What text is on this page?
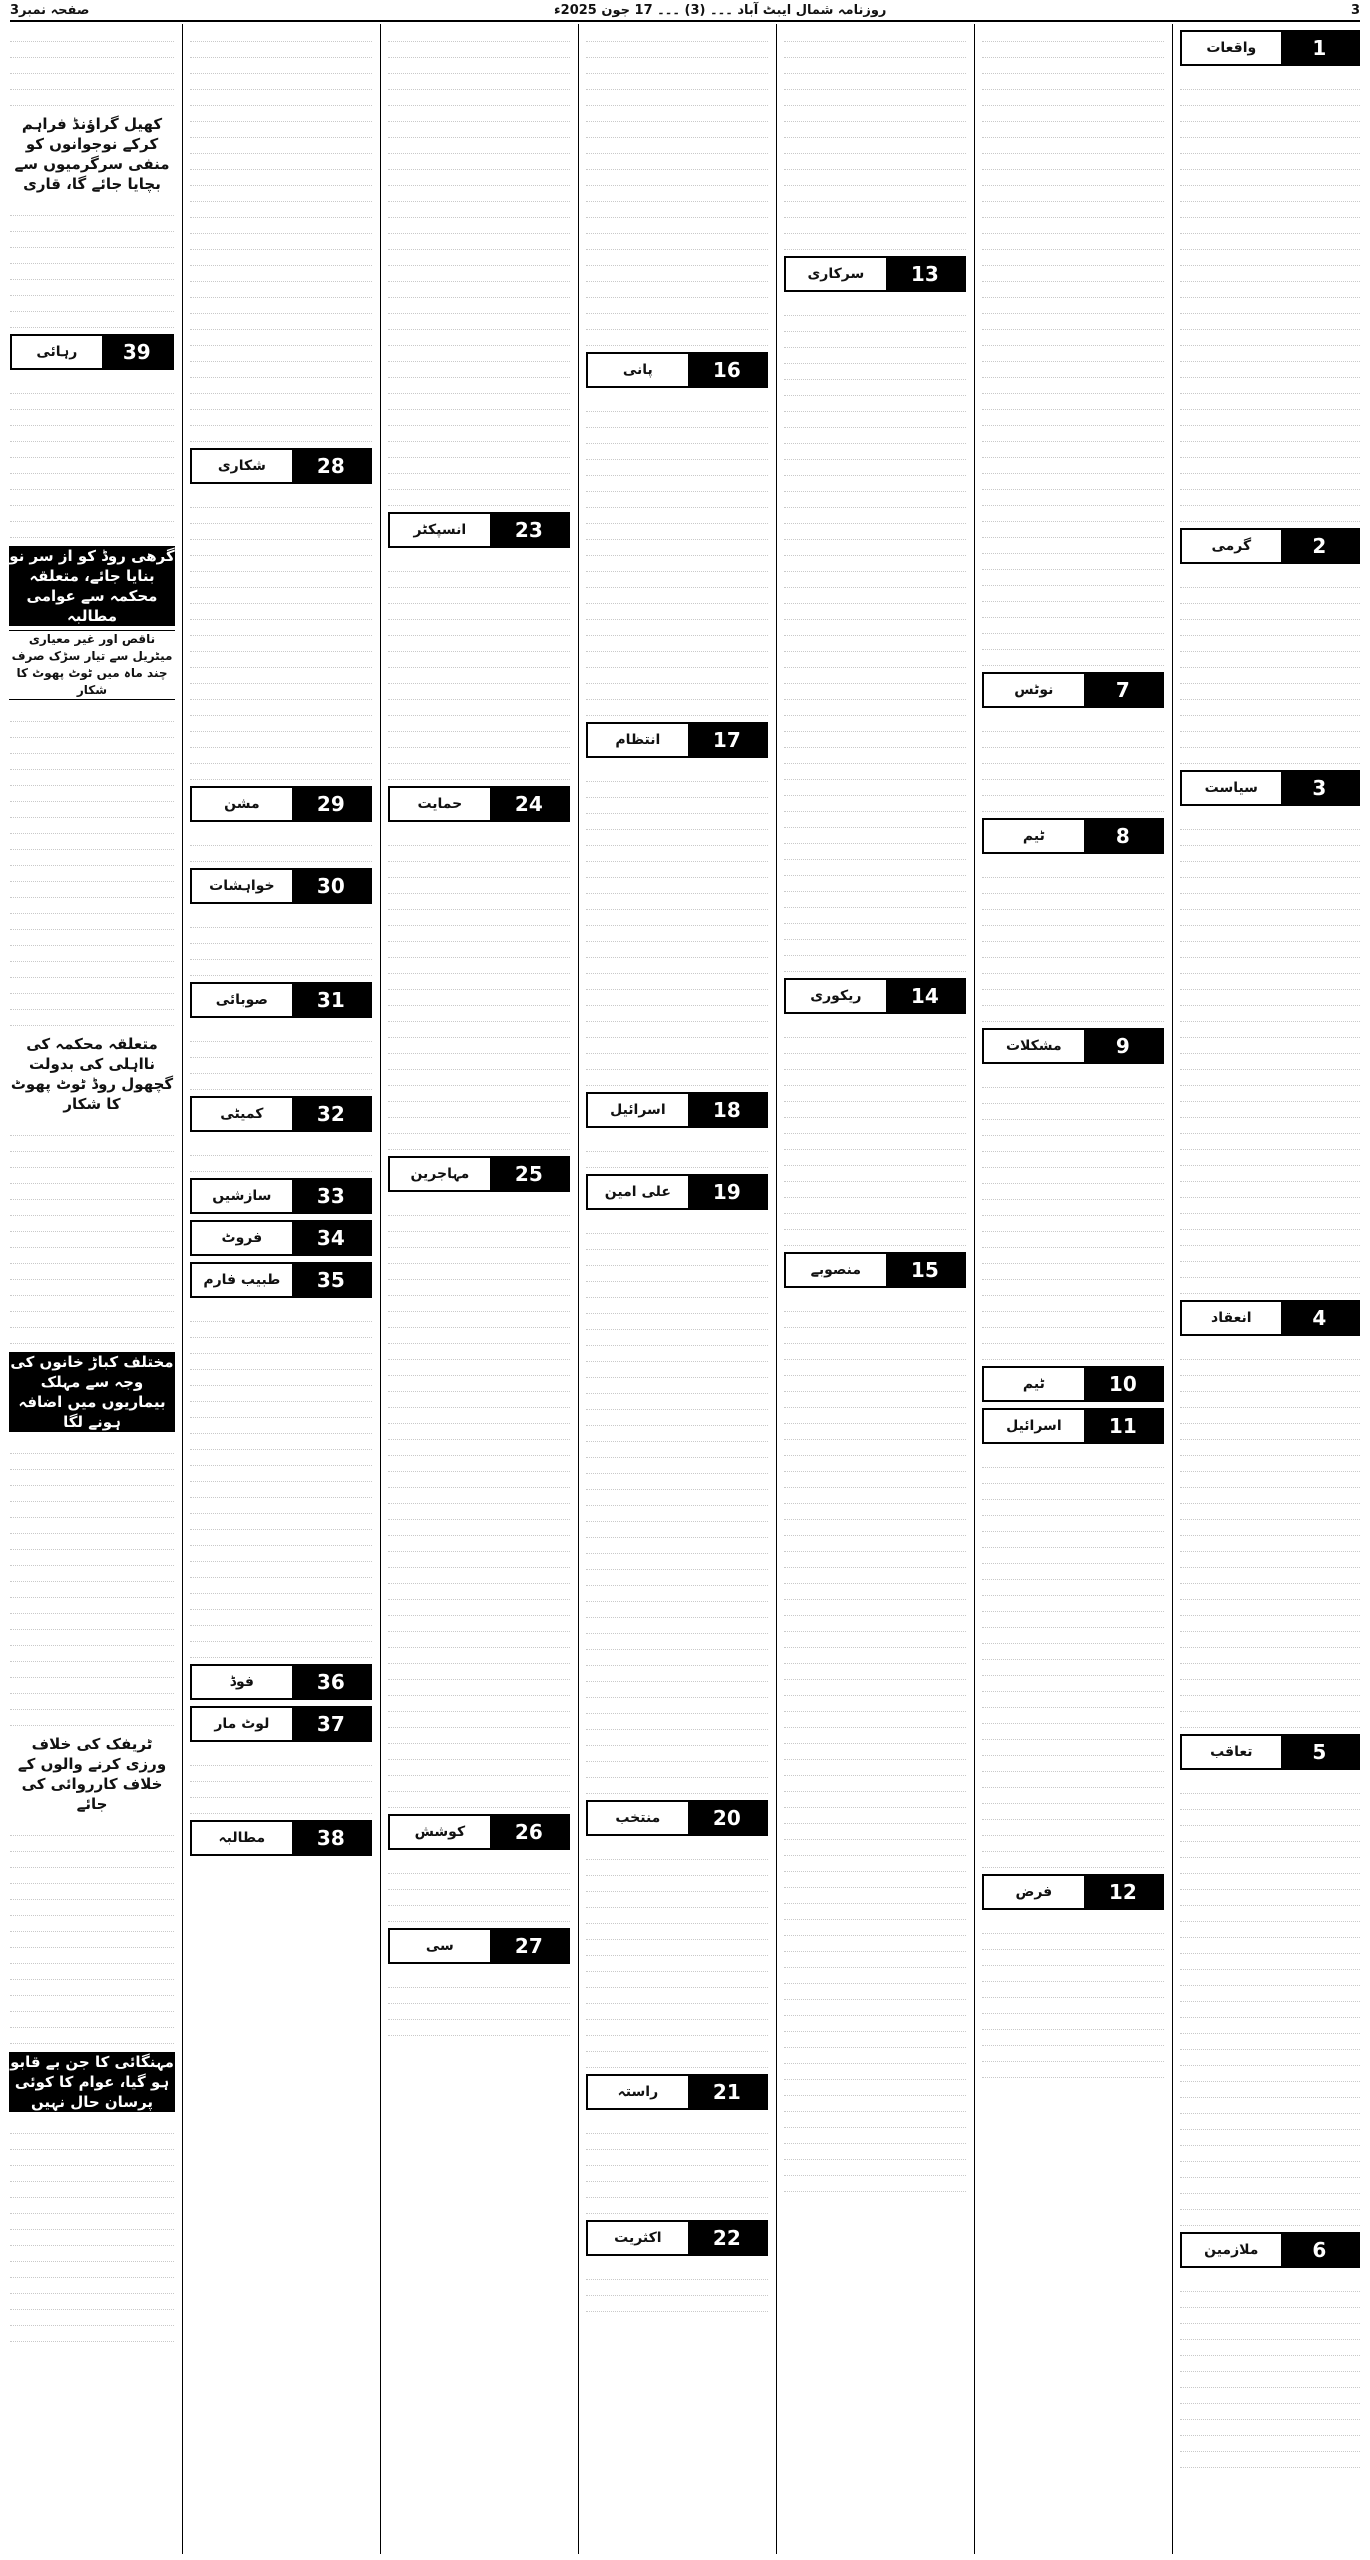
صفحہ نمبر3	روزنامہ شمال ایبٹ آباد ۔۔۔ (3) ۔۔۔ 17 جون 2025ء	3
1
واقعات
2
گرمی
3
سیاست
4
انعقاد
5
تعاقب
6
ملازمین
7
نوٹس
8
ٹیم
9
مشکلات
10
ٹیم
11
اسرائیل
12
فرض
13
سرکاری
14
ریکوری
15
منصوبے
16
پانی
17
انتظام
18
اسرائیل
19
علی امین
20
منتخب
21
راستہ
22
اکثریت
23
انسپکٹر
24
حمایت
25
مہاجرین
26
کوشش
27
سی
28
شکاری
29
مشن
30
خواہشات
31
صوبائی
32
کمیٹی
33
سازشیں
34
فروٹ
35
طبیب فارم
36
فوڈ
37
لوٹ مار
38
مطالبہ
کھیل گراؤنڈ فراہم کرکے نوجوانوں کو منفی سرگرمیوں سے بچایا جائے گا، قاری
39
رہائی
گرھی روڈ کو از سر نو بنایا جائے، متعلقہ محکمہ سے عوامی مطالبہ
ناقص اور غیر معیاری میٹریل سے تیار سڑک صرف چند ماہ میں ٹوٹ پھوٹ کا شکار
متعلقہ محکمہ کی نااہلی کی بدولت گچھول روڈ ٹوٹ پھوٹ کا شکار
مختلف کباڑ خانوں کی وجہ سے مہلک بیماریوں میں اضافہ ہونے لگا
ٹریفک کی خلاف ورزی کرنے والوں کے خلاف کارروائی کی جائے
مہنگائی کا جن بے قابو ہو گیا، عوام کا کوئی پرسان حال نہیں
